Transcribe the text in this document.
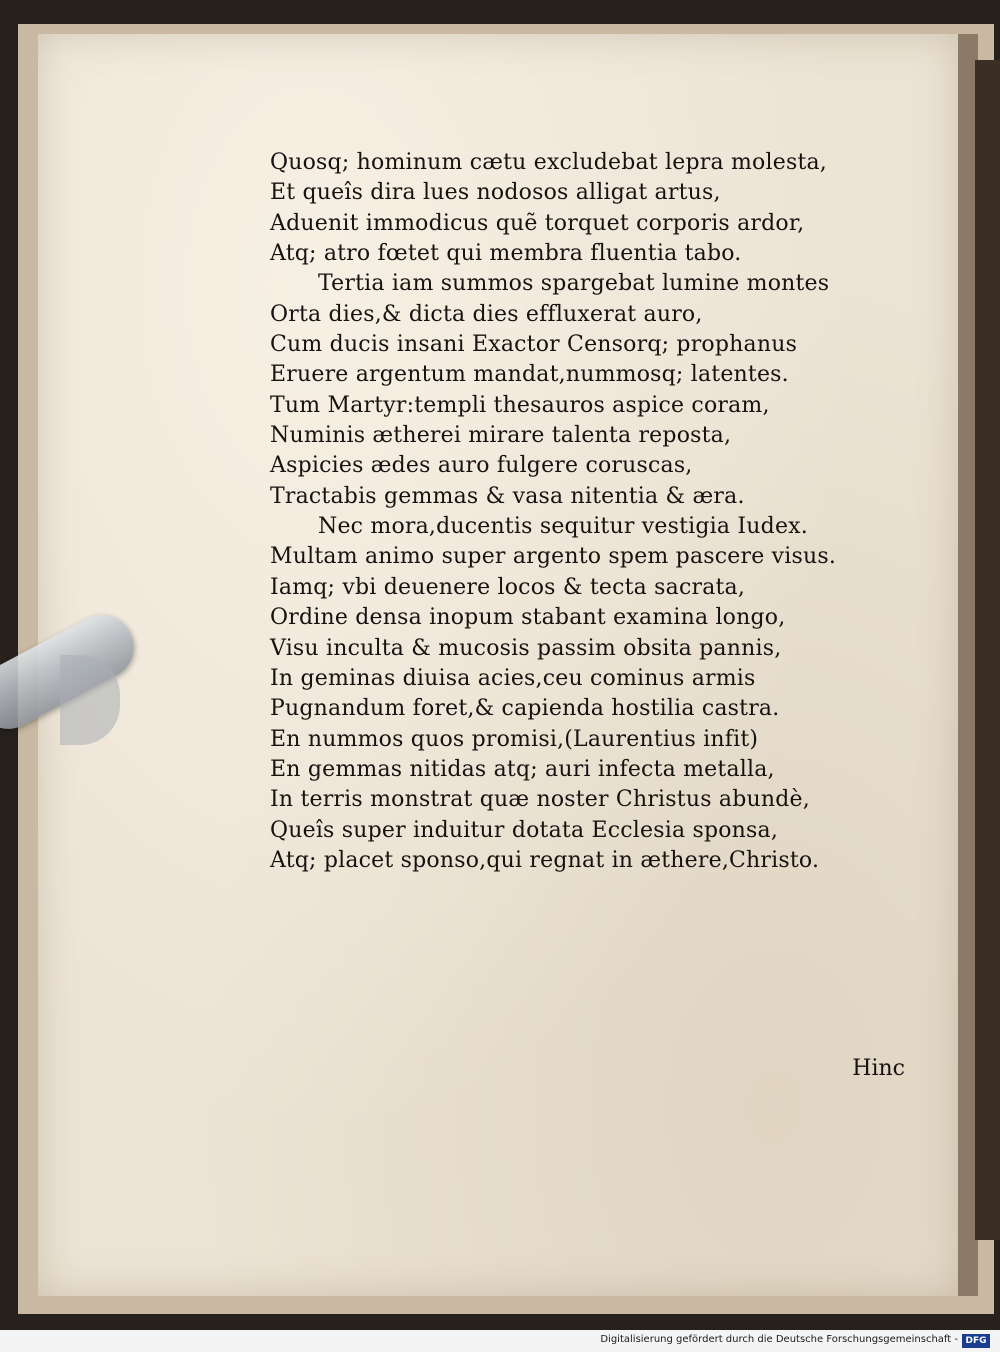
Quosq; hominum cætu excludebat lepra molesta,
Et queîs dira lues nodosos alligat artus,
Aduenit immodicus quẽ torquet corporis ardor,
Atq; atro fœtet qui membra fluentia tabo.
Tertia iam summos spargebat lumine montes
Orta dies,& dicta dies effluxerat auro,
Cum ducis insani Exactor Censorq; prophanus
Eruere argentum mandat,nummosq; latentes.
Tum Martyr:templi thesauros aspice coram,
Numinis ætherei mirare talenta reposta,
Aspicies ædes auro fulgere coruscas,
Tractabis gemmas & vasa nitentia & æra.
Nec mora,ducentis sequitur vestigia Iudex.
Multam animo super argento spem pascere visus.
Iamq; vbi deuenere locos & tecta sacrata,
Ordine densa inopum stabant examina longo,
Visu inculta & mucosis passim obsita pannis,
In geminas diuisa acies,ceu cominus armis
Pugnandum foret,& capienda hostilia castra.
En nummos quos promisi,(Laurentius infit)
En gemmas nitidas atq; auri infecta metalla,
In terris monstrat quæ noster Christus abundè,
Queîs super induitur dotata Ecclesia sponsa,
Atq; placet sponso,qui regnat in æthere,Christo.
Hinc
Digitalisierung gefördert durch die Deutsche Forschungsgemeinschaft - DFG
